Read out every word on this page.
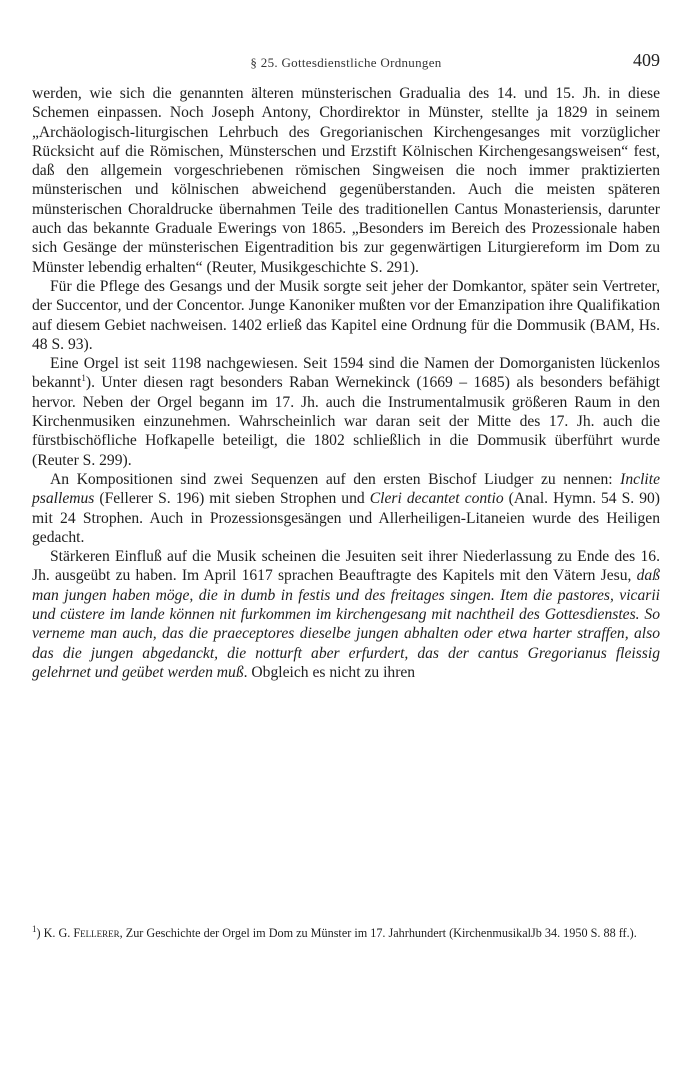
§ 25. Gottesdienstliche Ordnungen	409

werden, wie sich die genannten älteren münsterischen Gradualia des 14. und 15. Jh. in diese Schemen einpassen. Noch Joseph Antony, Chordirektor in Münster, stellte ja 1829 in seinem „Archäologisch-liturgischen Lehrbuch des Gregorianischen Kirchengesanges mit vorzüglicher Rücksicht auf die Römischen, Münsterschen und Erzstift Kölnischen Kirchengesangsweisen“ fest, daß den allgemein vorgeschriebenen römischen Singweisen die noch immer praktizierten münsterischen und kölnischen abweichend gegenüberstanden. Auch die meisten späteren münsterischen Choraldrucke übernahmen Teile des traditionellen Cantus Monasteriensis, darunter auch das bekannte Graduale Ewerings von 1865. „Besonders im Bereich des Prozessionale haben sich Gesänge der münsterischen Eigentradition bis zur gegenwärtigen Liturgiereform im Dom zu Münster lebendig erhalten“ (Reuter, Musikgeschichte S. 291).

Für die Pflege des Gesangs und der Musik sorgte seit jeher der Domkantor, später sein Vertreter, der Succentor, und der Concentor. Junge Kanoniker mußten vor der Emanzipation ihre Qualifikation auf diesem Gebiet nachweisen. 1402 erließ das Kapitel eine Ordnung für die Dommusik (BAM, Hs. 48 S. 93).

Eine Orgel ist seit 1198 nachgewiesen. Seit 1594 sind die Namen der Domorganisten lückenlos bekannt$^1$). Unter diesen ragt besonders Raban Wernekinck (1669 – 1685) als besonders befähigt hervor. Neben der Orgel begann im 17. Jh. auch die Instrumentalmusik größeren Raum in den Kirchenmusiken einzunehmen. Wahrscheinlich war daran seit der Mitte des 17. Jh. auch die fürstbischöfliche Hofkapelle beteiligt, die 1802 schließlich in die Dommusik überführt wurde (Reuter S. 299).

An Kompositionen sind zwei Sequenzen auf den ersten Bischof Liudger zu nennen: Inclite psallemus (Fellerer S. 196) mit sieben Strophen und Cleri decantet contio (Anal. Hymn. 54 S. 90) mit 24 Strophen. Auch in Prozessionsgesängen und Allerheiligen-Litaneien wurde des Heiligen gedacht.

Stärkeren Einfluß auf die Musik scheinen die Jesuiten seit ihrer Niederlassung zu Ende des 16. Jh. ausgeübt zu haben. Im April 1617 sprachen Beauftragte des Kapitels mit den Vätern Jesu, daß man jungen haben möge, die in dumb in festis und des freitages singen. Item die pastores, vicarii und cüstere im lande können nit furkommen im kirchengesang mit nachtheil des Gottesdienstes. So verneme man auch, das die praeceptores dieselbe jungen abhalten oder etwa harter straffen, also das die jungen abgedanckt, die notturft aber erfurdert, das der cantus Gregorianus fleissig gelehrnet und geübet werden muß. Obgleich es nicht zu ihren

$^1$) K. G. Fellerer, Zur Geschichte der Orgel im Dom zu Münster im 17. Jahrhundert (KirchenmusikalJb 34. 1950 S. 88 ff.).
